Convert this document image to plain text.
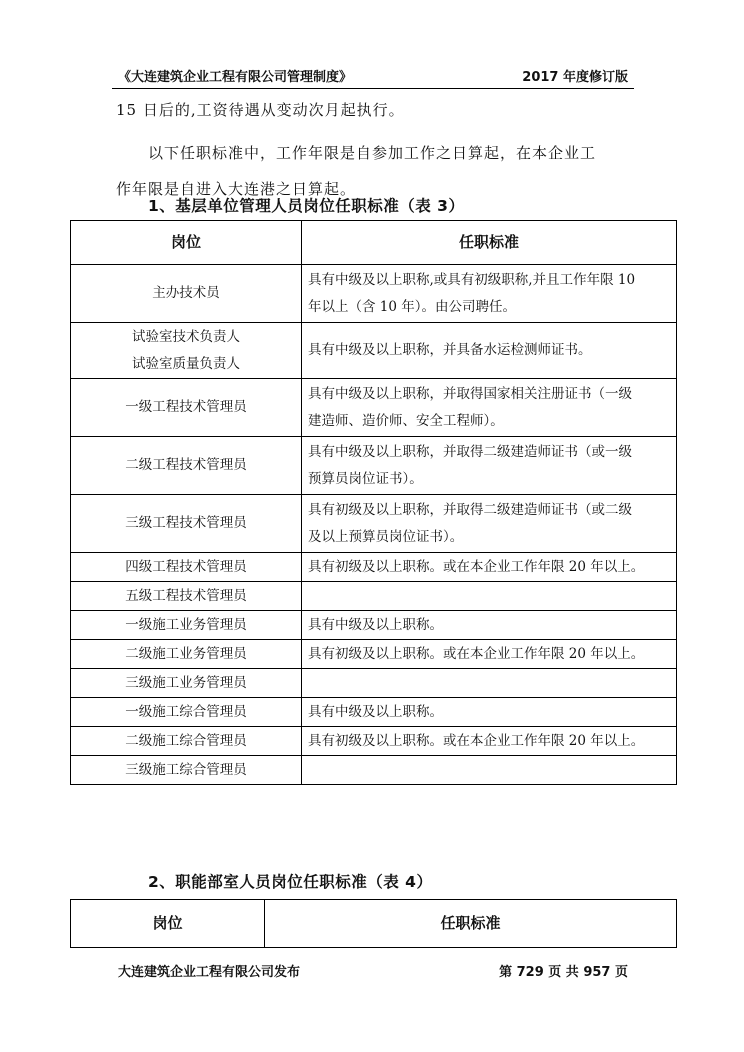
《大连建筑企业工程有限公司管理制度》	2017 年度修订版
15 日后的,工资待遇从变动次月起执行。
以下任职标准中，工作年限是自参加工作之日算起，在本企业工
作年限是自进入大连港之日算起。
1、基层单位管理人员岗位任职标准（表 3）
岗位	任职标准

主办技术员	具有中级及以上职称,或具有初级职称,并且工作年限 10
年以上（含 10 年）。由公司聘任。

试验室技术负责人
试验室质量负责人	具有中级及以上职称，并具备水运检测师证书。

一级工程技术管理员	具有中级及以上职称，并取得国家相关注册证书（一级
建造师、造价师、安全工程师）。

二级工程技术管理员	具有中级及以上职称，并取得二级建造师证书（或一级
预算员岗位证书）。

三级工程技术管理员	具有初级及以上职称，并取得二级建造师证书（或二级
及以上预算员岗位证书）。

四级工程技术管理员	具有初级及以上职称。或在本企业工作年限 20 年以上。

五级工程技术管理员	

一级施工业务管理员	具有中级及以上职称。

二级施工业务管理员	具有初级及以上职称。或在本企业工作年限 20 年以上。

三级施工业务管理员	

一级施工综合管理员	具有中级及以上职称。

二级施工综合管理员	具有初级及以上职称。或在本企业工作年限 20 年以上。

三级施工综合管理员	

2、职能部室人员岗位任职标准（表 4）
岗位	任职标准
大连建筑企业工程有限公司发布	第 729 页 共 957 页
